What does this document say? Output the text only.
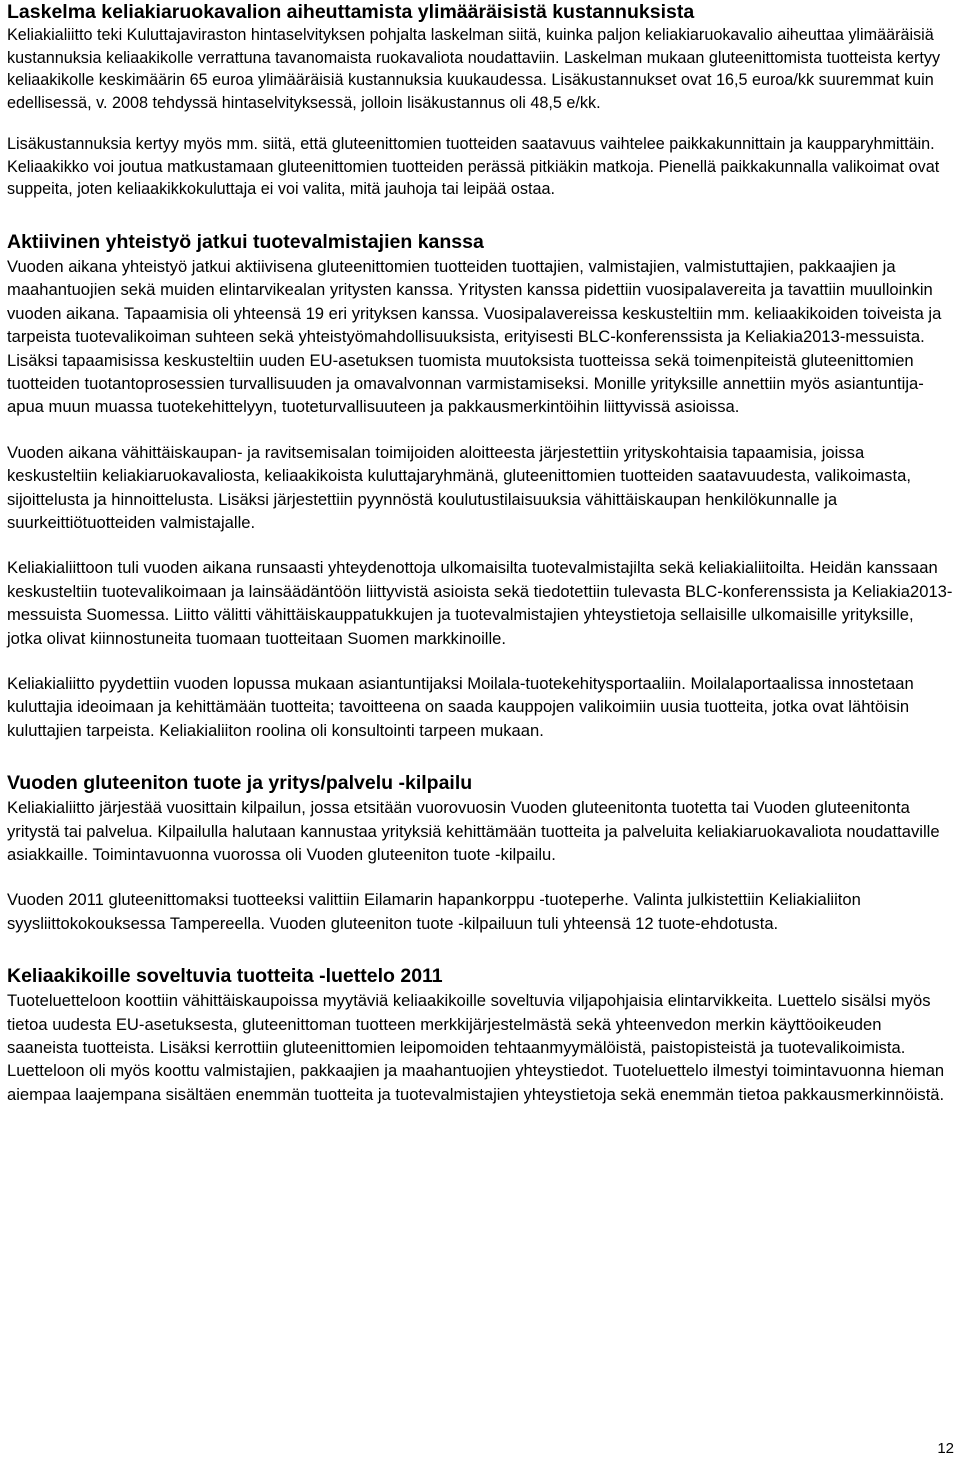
Laskelma keliakiaruokavalion aiheuttamista ylimääräisistä kustannuksista

Keliakialiitto teki Kuluttajaviraston hintaselvityksen pohjalta laskelman siitä, kuinka paljon keliakiaruokavalio aiheuttaa ylimääräisiä kustannuksia keliaakikolle verrattuna tavanomaista ruokavaliota noudattaviin. Laskelman mukaan gluteenittomista tuotteista kertyy keliaakikolle keskimäärin 65 euroa ylimääräisiä kustannuksia kuukaudessa. Lisäkustannukset ovat 16,5 euroa/kk suuremmat kuin edellisessä, v. 2008 tehdyssä hintaselvityksessä, jolloin lisäkustannus oli 48,5 e/kk.

Lisäkustannuksia kertyy myös mm. siitä, että gluteenittomien tuotteiden saatavuus vaihtelee paikkakunnittain ja kaupparyhmittäin. Keliaakikko voi joutua matkustamaan gluteenittomien tuotteiden perässä pitkiäkin matkoja. Pienellä paikkakunnalla valikoimat ovat suppeita, joten keliaakikkokuluttaja ei voi valita, mitä jauhoja tai leipää ostaa.

Aktiivinen yhteistyö jatkui tuotevalmistajien kanssa

Vuoden aikana yhteistyö jatkui aktiivisena gluteenittomien tuotteiden tuottajien, valmistajien, valmistuttajien, pakkaajien ja maahantuojien sekä muiden elintarvikealan yritysten kanssa. Yritysten kanssa pidettiin vuosipalavereita ja tavattiin muulloinkin vuoden aikana. Tapaamisia oli yhteensä 19 eri yrityksen kanssa. Vuosipalavereissa keskusteltiin mm. keliaakikoiden toiveista ja tarpeista tuotevalikoiman suhteen sekä yhteistyömahdollisuuksista, erityisesti BLC-konferenssista ja Keliakia2013-messuista. Lisäksi tapaamisissa keskusteltiin uuden EU-asetuksen tuomista muutoksista tuotteissa sekä toimenpiteistä gluteenittomien tuotteiden tuotantoprosessien turvallisuuden ja omavalvonnan varmistamiseksi. Monille yrityksille annettiin myös asiantuntija-apua muun muassa tuotekehittelyyn, tuoteturvallisuuteen ja pakkausmerkintöihin liittyvissä asioissa.

Vuoden aikana vähittäiskaupan- ja ravitsemisalan toimijoiden aloitteesta järjestettiin yrityskohtaisia tapaamisia, joissa keskusteltiin keliakiaruokavaliosta, keliaakikoista kuluttajaryhmänä, gluteenittomien tuotteiden saatavuudesta, valikoimasta, sijoittelusta ja hinnoittelusta. Lisäksi järjestettiin pyynnöstä koulutustilaisuuksia vähittäiskaupan henkilökunnalle ja suurkeittiötuotteiden valmistajalle.

Keliakialiittoon tuli vuoden aikana runsaasti yhteydenottoja ulkomaisilta tuotevalmistajilta sekä keliakialiitoilta. Heidän kanssaan keskusteltiin tuotevalikoimaan ja lainsäädäntöön liittyvistä asioista sekä tiedotettiin tulevasta BLC-konferenssista ja Keliakia2013-messuista Suomessa. Liitto välitti vähittäiskauppatukkujen ja tuotevalmistajien yhteystietoja sellaisille ulkomaisille yrityksille, jotka olivat kiinnostuneita tuomaan tuotteitaan Suomen markkinoille.

Keliakialiitto pyydettiin vuoden lopussa mukaan asiantuntijaksi Moilala-tuotekehitysportaaliin. Moilalaportaalissa innostetaan kuluttajia ideoimaan ja kehittämään tuotteita; tavoitteena on saada kauppojen valikoimiin uusia tuotteita, jotka ovat lähtöisin kuluttajien tarpeista. Keliakialiiton roolina oli konsultointi tarpeen mukaan.

Vuoden gluteeniton tuote ja yritys/palvelu -kilpailu

Keliakialiitto järjestää vuosittain kilpailun, jossa etsitään vuorovuosin Vuoden gluteenitonta tuotetta tai Vuoden gluteenitonta yritystä tai palvelua. Kilpailulla halutaan kannustaa yrityksiä kehittämään tuotteita ja palveluita keliakiaruokavaliota noudattaville asiakkaille. Toimintavuonna vuorossa oli Vuoden gluteeniton tuote -kilpailu.

Vuoden 2011 gluteenittomaksi tuotteeksi valittiin Eilamarin hapankorppu -tuoteperhe. Valinta julkistettiin Keliakialiiton syysliittokokouksessa Tampereella. Vuoden gluteeniton tuote -kilpailuun tuli yhteensä 12 tuote-ehdotusta.

Keliaakikoille soveltuvia tuotteita -luettelo 2011

Tuoteluetteloon koottiin vähittäiskaupoissa myytäviä keliaakikoille soveltuvia viljapohjaisia elintarvikkeita. Luettelo sisälsi myös tietoa uudesta EU-asetuksesta, gluteenittoman tuotteen merkkijärjestelmästä sekä yhteenvedon merkin käyttöoikeuden saaneista tuotteista. Lisäksi kerrottiin gluteenittomien leipomoiden tehtaanmyymälöistä, paistopisteistä ja tuotevalikoimista. Luetteloon oli myös koottu valmistajien, pakkaajien ja maahantuojien yhteystiedot. Tuoteluettelo ilmestyi toimintavuonna hieman aiempaa laajempana sisältäen enemmän tuotteita ja tuotevalmistajien yhteystietoja sekä enemmän tietoa pakkausmerkinnöistä.

12
